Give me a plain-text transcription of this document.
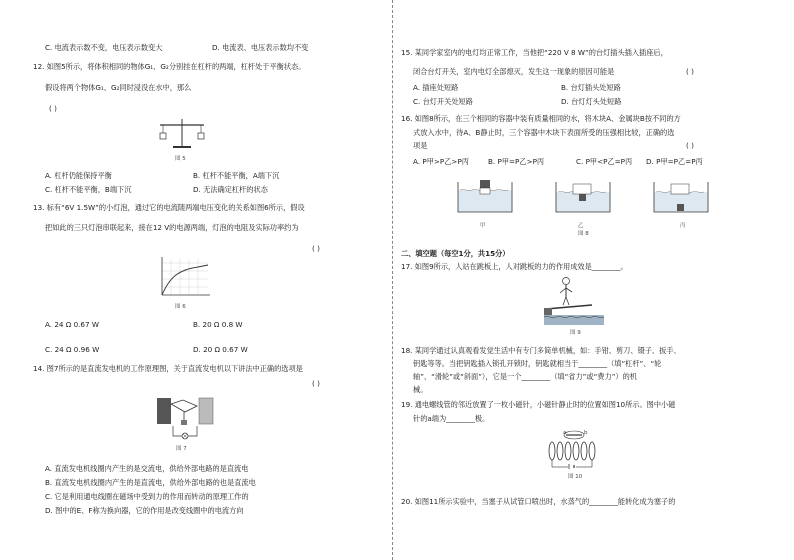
C. 电流表示数不变，电压表示数变大	D. 电流表、电压表示数均不变
12. 如图5所示，将体积相同的物体G₁、G₂分别挂在杠杆的两端，杠杆处于平衡状态。
假设将两个物体G₁、G₂同时浸没在水中，那么
( )
图 5
A. 杠杆仍能保持平衡	B. 杠杆不能平衡，A端下沉
C. 杠杆不能平衡，B端下沉	D. 无法确定杠杆的状态
13. 标有“6V 1.5W”的小灯泡，通过它的电流随两端电压变化的关系如图6所示，假设
把如此的三只灯泡串联起来，接在12 V的电源两端，灯泡的电阻及实际功率约为
( )
图 6
A. 24 Ω 0.67 W	B. 20 Ω 0.8 W
C. 24 Ω 0.96 W	D. 20 Ω 0.67 W
14. 图7所示的是直流发电机的工作原理图，关于直流发电机以下讲法中正确的选项是
( )
图 7
A. 直流发电机线圈内产生的是交流电，供给外部电路的是直流电
B. 直流发电机线圈内产生的是直流电，供给外部电路的也是直流电
C. 它是利用通电线圈在磁场中受到力的作用而转动的原理工作的
D. 图中的E、F称为换向器，它的作用是改变线圈中的电流方向
15. 某同学家室内的电灯均正常工作，当他把“220 V 8 W”的台灯插头插入插座后，
闭合台灯开关，室内电灯全部熄灭，发生这一现象的原因可能是	( )
A. 插座处短路	B. 台灯插头处短路
C. 台灯开关处短路	D. 台灯灯头处短路
16. 如图8所示，在三个相同的容器中装有质量相同的水，将木块A、金属块B按不同的方
式放入水中，待A、B静止时，三个容器中木块下表面所受的压强相比较，正确的选
项是	( )
A. P甲>P乙>P丙	B. P甲=P乙>P丙	C. P甲<P乙=P丙 D. P甲=P乙=P丙
甲	乙	丙
图 8
二、填空题（每空1分，共15分）
17. 如图9所示，人站在跳板上，人对跳板的力的作用成效是________。
图 9
18. 某同学通过认真观看发觉生活中有专门多简单机械，如：手钳、剪刀、镊子、扳手、
钥匙等等。当把钥匙插入锁孔开锁时，钥匙就相当于________（填“杠杆”、“轮
轴”、“滑轮”或“斜面”），它是一个________（填“省力”或“费力”）的机
械。
19. 通电螺线管的邻近放置了一枚小磁针，小磁针静止时的位置如图10所示。图中小磁
针的a端为________极。
a	b
图 10
20. 如图11所示实验中，当塞子从试管口喷出时，水蒸气的________能转化成为塞子的
